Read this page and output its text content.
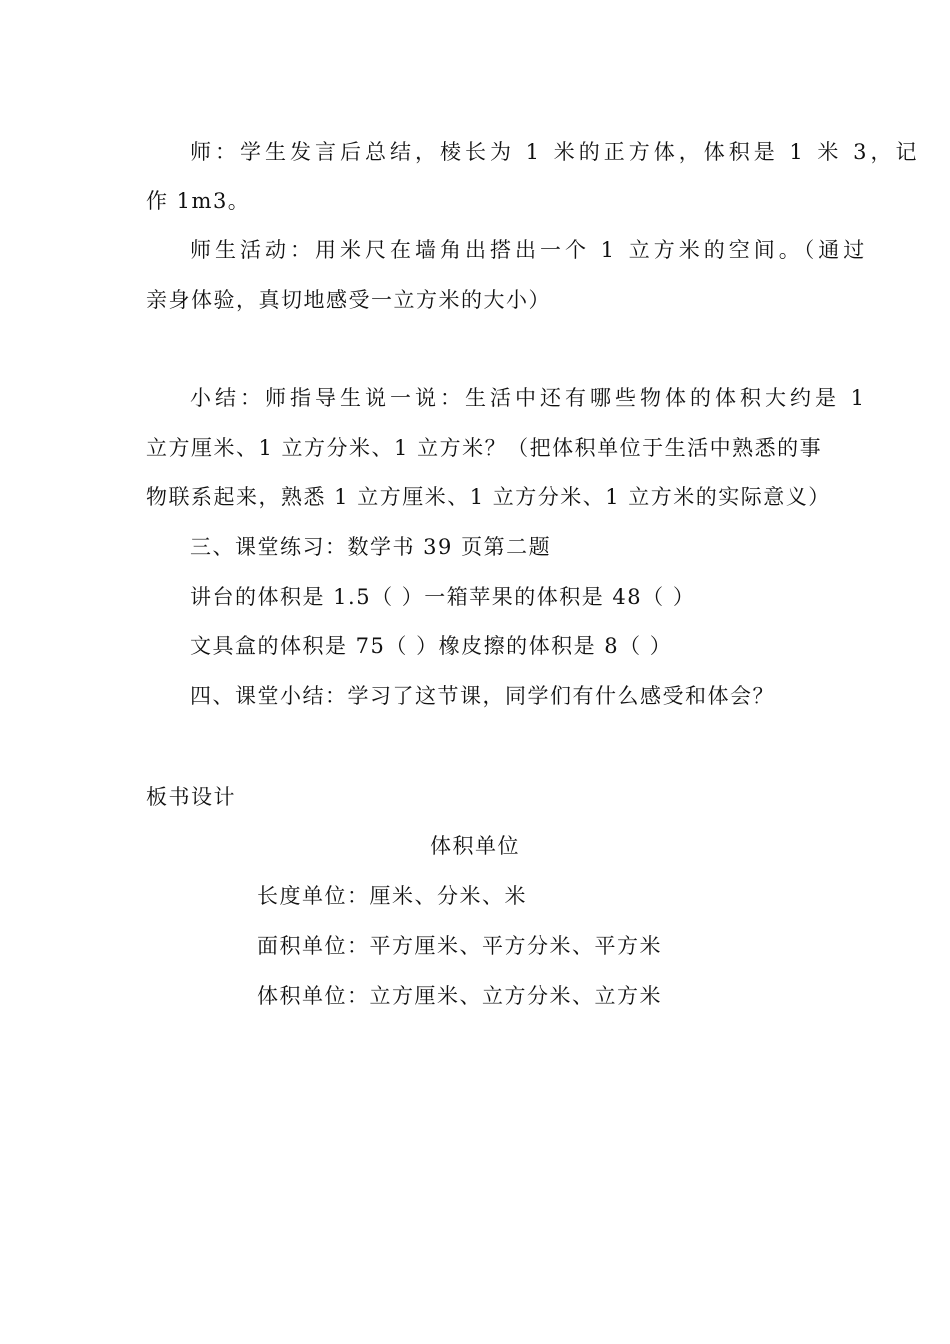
师：学生发言后总结，棱长为 1 米的正方体，体积是 1 米 3，记
作 1m3。
师生活动：用米尺在墙角出搭出一个 1 立方米的空间。（通过
亲身体验，真切地感受一立方米的大小）
小结：师指导生说一说：生活中还有哪些物体的体积大约是 1
立方厘米、1 立方分米、1 立方米？（把体积单位于生活中熟悉的事
物联系起来，熟悉 1 立方厘米、1 立方分米、1 立方米的实际意义）
三、课堂练习：数学书 39 页第二题
讲台的体积是 1.5（ ）一箱苹果的体积是 48（ ）
文具盒的体积是 75（ ）橡皮擦的体积是 8（ ）
四、课堂小结：学习了这节课，同学们有什么感受和体会？
板书设计
体积单位
长度单位：厘米、分米、米
面积单位：平方厘米、平方分米、平方米
体积单位：立方厘米、立方分米、立方米
